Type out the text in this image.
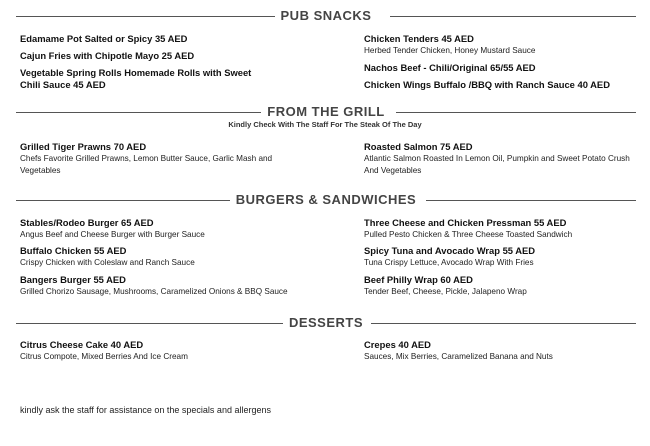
PUB SNACKS
Edamame Pot Salted or Spicy 35 AED
Cajun Fries with Chipotle Mayo 25 AED
Vegetable Spring Rolls Homemade Rolls with Sweet Chili Sauce 45 AED
Chicken Tenders 45 AED
Herbed Tender Chicken, Honey Mustard Sauce
Nachos Beef - Chili/Original 65/55 AED
Chicken Wings Buffalo /BBQ with Ranch Sauce 40 AED
FROM THE GRILL
Kindly Check With The Staff For The Steak Of The Day
Grilled Tiger Prawns 70 AED
Chefs Favorite Grilled Prawns, Lemon Butter Sauce, Garlic Mash and Vegetables
Roasted Salmon 75 AED
Atlantic Salmon Roasted In Lemon Oil, Pumpkin and Sweet Potato Crush And Vegetables
BURGERS & SANDWICHES
Stables/Rodeo Burger 65 AED
Angus Beef and Cheese Burger with Burger Sauce
Buffalo Chicken 55 AED
Crispy Chicken with Coleslaw and Ranch Sauce
Bangers Burger 55 AED
Grilled Chorizo Sausage, Mushrooms, Caramelized Onions & BBQ Sauce
Three Cheese and Chicken Pressman 55 AED
Pulled Pesto Chicken & Three Cheese Toasted Sandwich
Spicy Tuna and Avocado Wrap 55 AED
Tuna Crispy Lettuce, Avocado Wrap With Fries
Beef Philly Wrap 60 AED
Tender Beef, Cheese, Pickle, Jalapeno Wrap
DESSERTS
Citrus Cheese Cake 40 AED
Citrus Compote, Mixed Berries And Ice Cream
Crepes 40 AED
Sauces, Mix Berries, Caramelized Banana and Nuts
kindly ask the staff for assistance on the specials and allergens
